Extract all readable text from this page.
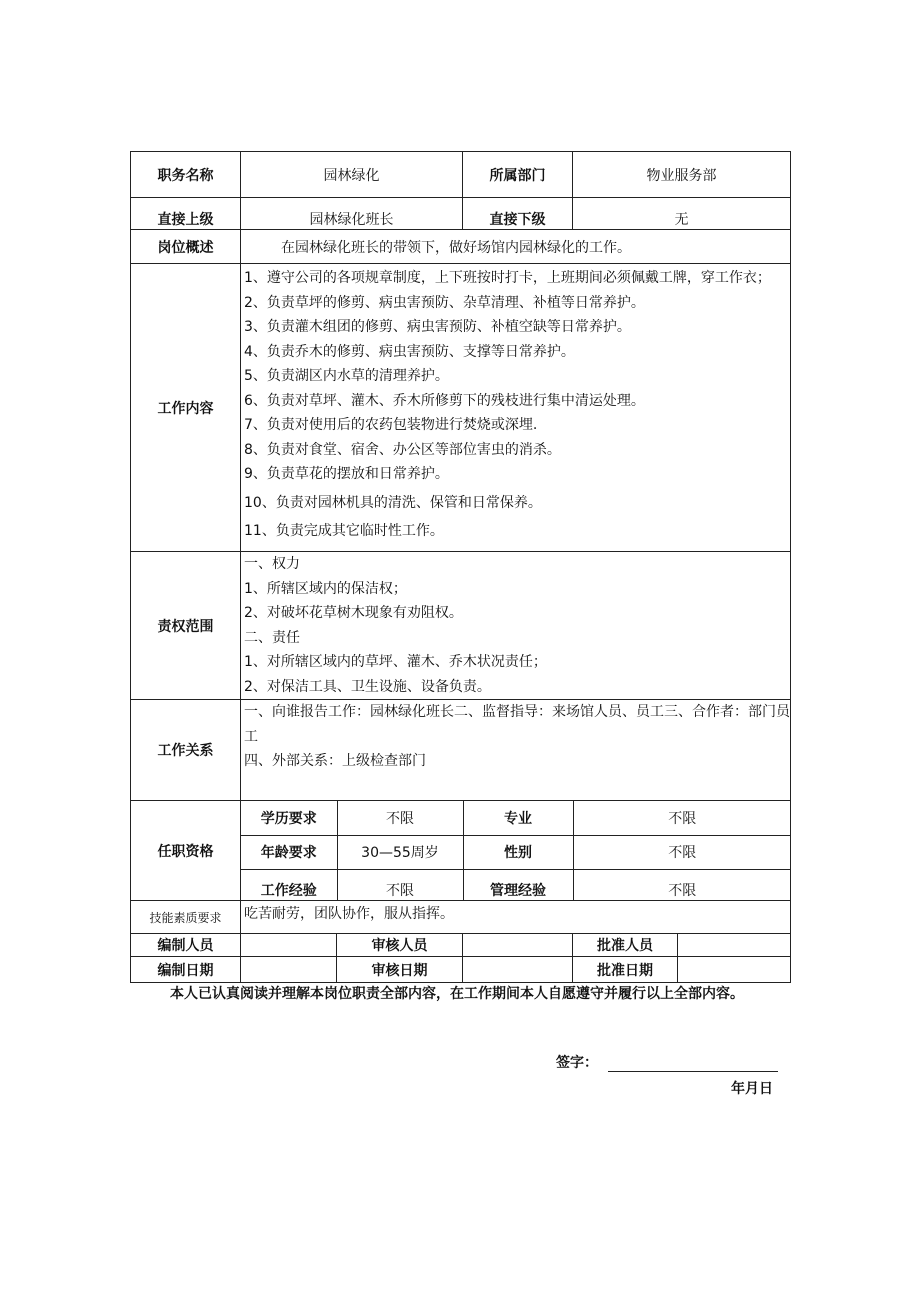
职务名称	园林绿化	所属部门	物业服务部
直接上级	园林绿化班长	直接下级	无
岗位概述	在园林绿化班长的带领下，做好场馆内园林绿化的工作。
工作内容	
1、遵守公司的各项规章制度，上下班按时打卡，上班期间必须佩戴工牌，穿工作衣；
2、负责草坪的修剪、病虫害预防、杂草清理、补植等日常养护。
3、负责灌木组团的修剪、病虫害预防、补植空缺等日常养护。
4、负责乔木的修剪、病虫害预防、支撑等日常养护。
5、负责湖区内水草的清理养护。
6、负责对草坪、灌木、乔木所修剪下的残枝进行集中清运处理。
7、负责对使用后的农药包装物进行焚烧或深埋.
8、负责对食堂、宿舍、办公区等部位害虫的消杀。
9、负责草花的摆放和日常养护。
10、负责对园林机具的清洗、保管和日常保养。
11、负责完成其它临时性工作。

责权范围	
一、权力
1、所辖区域内的保洁权；
2、对破坏花草树木现象有劝阻权。
二、责任
1、对所辖区域内的草坪、灌木、乔木状况责任；
2、对保洁工具、卫生设施、设备负责。

工作关系	
一、向谁报告工作：园林绿化班长二、监督指导：来场馆人员、员工三、合作者：部门员工
四、外部关系：上级检查部门

任职资格	
学历要求	不限	专业	不限
年龄要求	30—55周岁	性别	不限
工作经验	不限	管理经验	不限

技能素质要求	吃苦耐劳，团队协作，服从指挥。
编制人员		审核人员		批准人员	
编制日期		审核日期		批准日期	
本人已认真阅读并理解本岗位职责全部内容，在工作期间本人自愿遵守并履行以上全部内容。
签字：
年月日
